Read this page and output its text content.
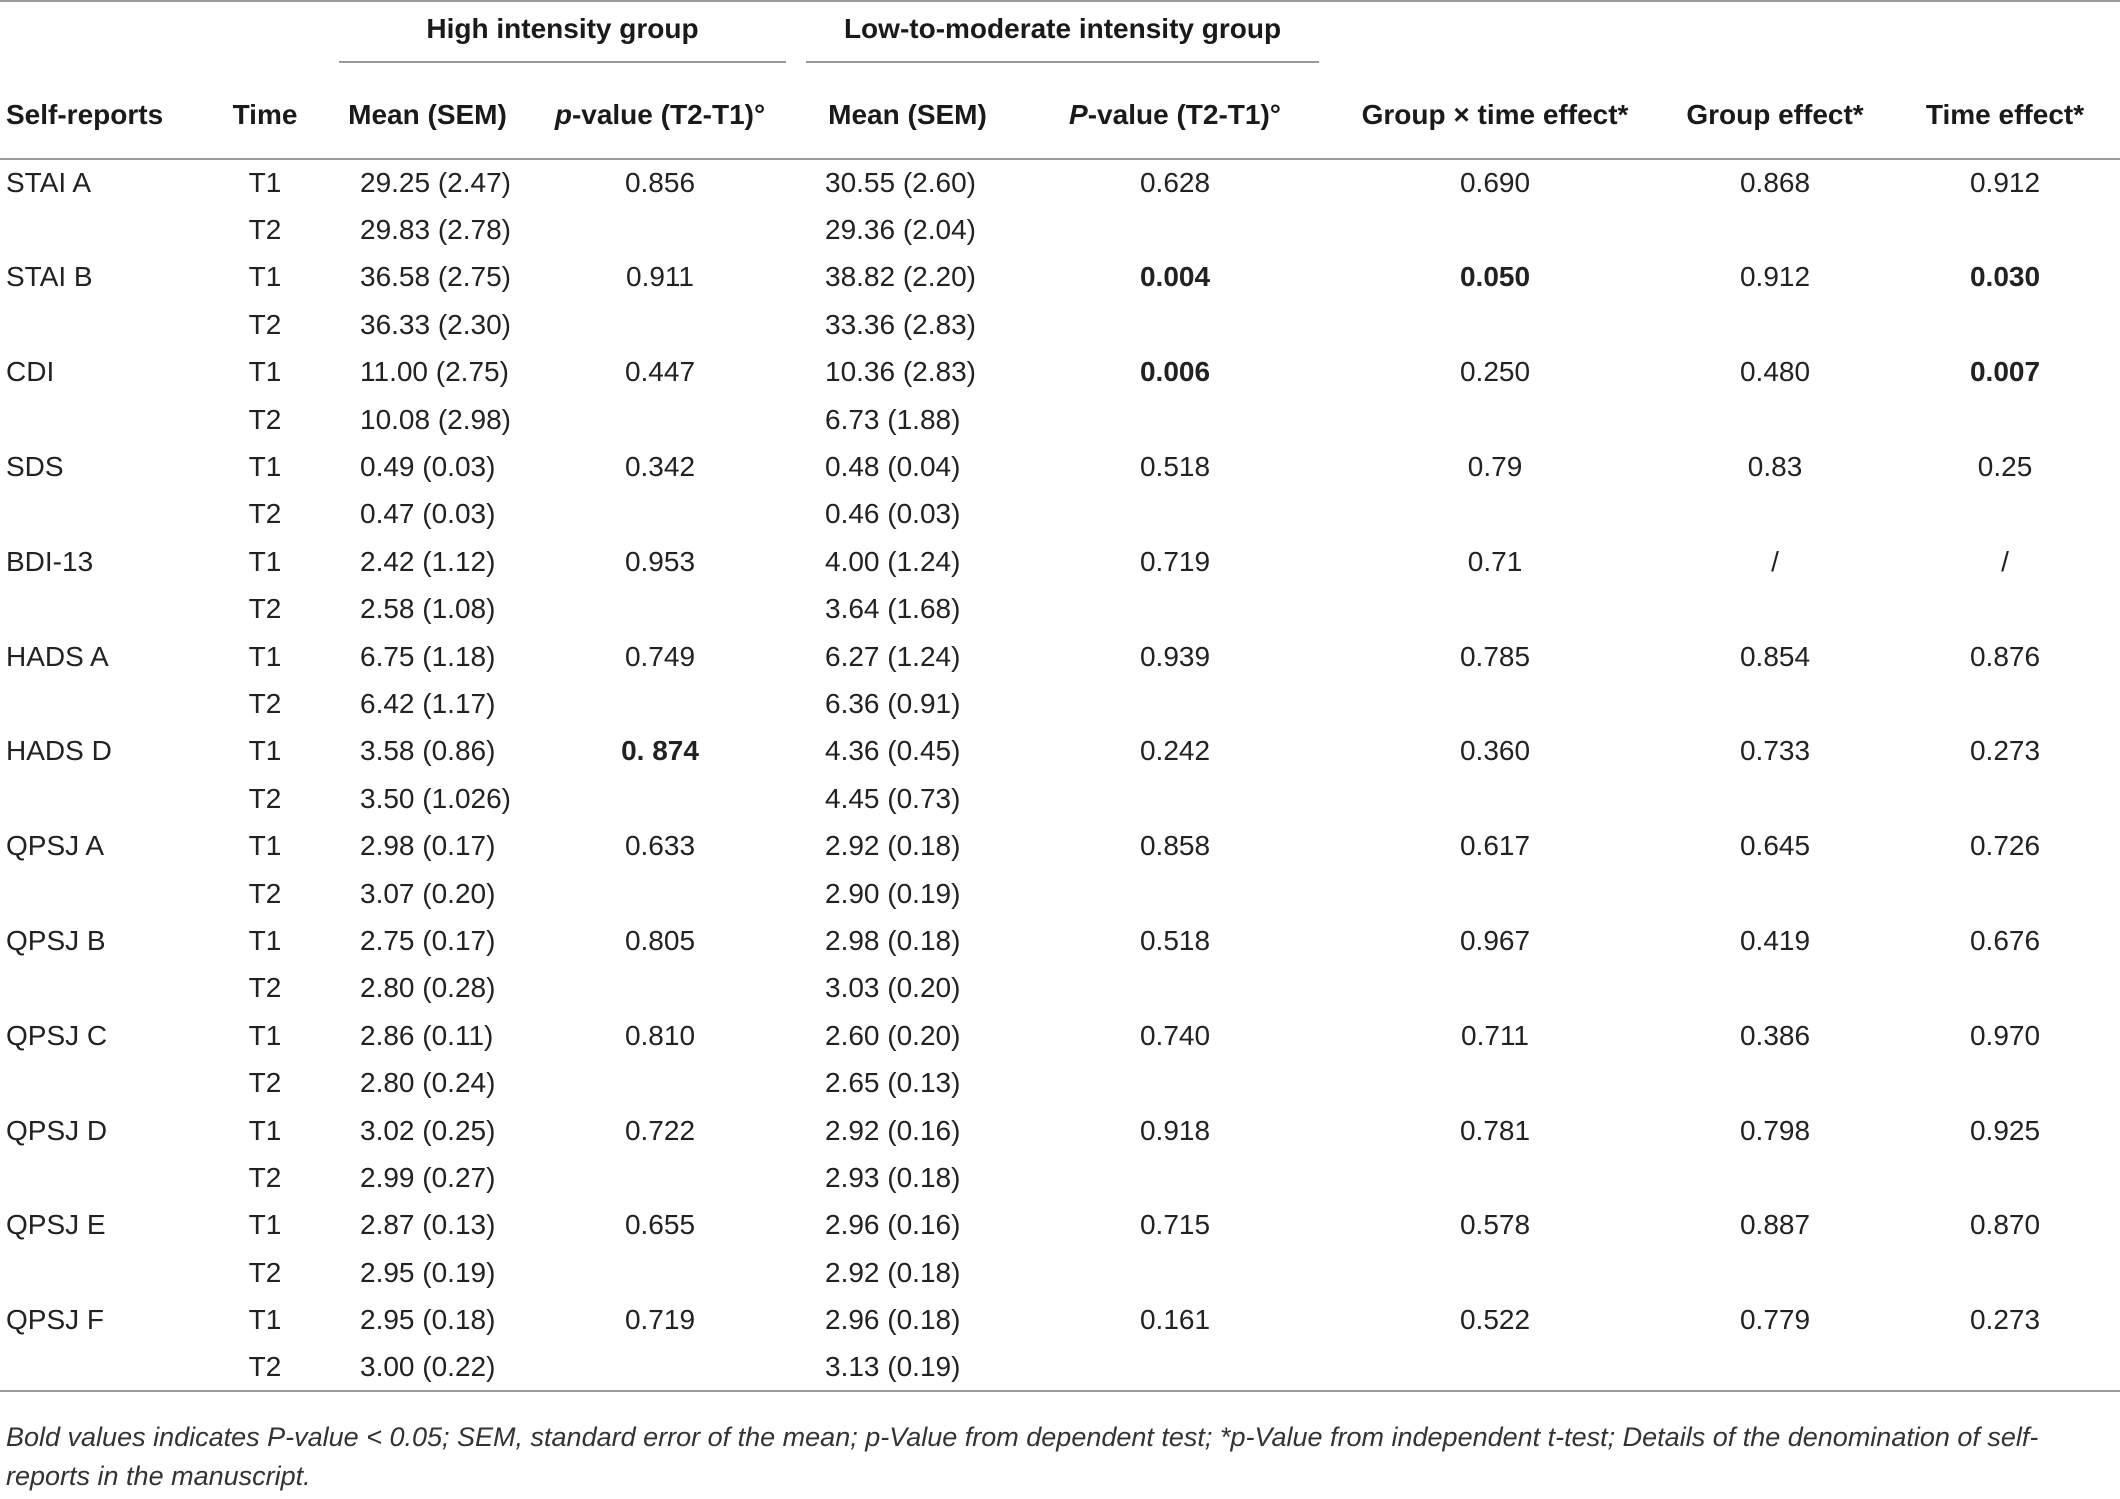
		High intensity group		Low-to-moderate intensity group	

Self-reports	Time	Mean (SEM)	p-value (T2-T1)°	Mean (SEM)	P-value (T2-T1)°	Group × time effect*	Group effect*	Time effect*
STAI A	T1	29.25 (2.47)	0.856	30.55 (2.60)	0.628	0.690	0.868	0.912
	T2	29.83 (2.78)		29.36 (2.04)				
STAI B	T1	36.58 (2.75)	0.911	38.82 (2.20)	0.004	0.050	0.912	0.030
	T2	36.33 (2.30)		33.36 (2.83)				
CDI	T1	11.00 (2.75)	0.447	10.36 (2.83)	0.006	0.250	0.480	0.007
	T2	10.08 (2.98)		6.73 (1.88)				
SDS	T1	0.49 (0.03)	0.342	0.48 (0.04)	0.518	0.79	0.83	0.25
	T2	0.47 (0.03)		0.46 (0.03)				
BDI-13	T1	2.42 (1.12)	0.953	4.00 (1.24)	0.719	0.71	/	/
	T2	2.58 (1.08)		3.64 (1.68)				
HADS A	T1	6.75 (1.18)	0.749	6.27 (1.24)	0.939	0.785	0.854	0.876
	T2	6.42 (1.17)		6.36 (0.91)				
HADS D	T1	3.58 (0.86)	0. 874	4.36 (0.45)	0.242	0.360	0.733	0.273
	T2	3.50 (1.026)		4.45 (0.73)				
QPSJ A	T1	2.98 (0.17)	0.633	2.92 (0.18)	0.858	0.617	0.645	0.726
	T2	3.07 (0.20)		2.90 (0.19)				
QPSJ B	T1	2.75 (0.17)	0.805	2.98 (0.18)	0.518	0.967	0.419	0.676
	T2	2.80 (0.28)		3.03 (0.20)				
QPSJ C	T1	2.86 (0.11)	0.810	2.60 (0.20)	0.740	0.711	0.386	0.970
	T2	2.80 (0.24)		2.65 (0.13)				
QPSJ D	T1	3.02 (0.25)	0.722	2.92 (0.16)	0.918	0.781	0.798	0.925
	T2	2.99 (0.27)		2.93 (0.18)				
QPSJ E	T1	2.87 (0.13)	0.655	2.96 (0.16)	0.715	0.578	0.887	0.870
	T2	2.95 (0.19)		2.92 (0.18)				
QPSJ F	T1	2.95 (0.18)	0.719	2.96 (0.18)	0.161	0.522	0.779	0.273
	T2	3.00 (0.22)		3.13 (0.19)				
Bold values indicates P-value < 0.05; SEM, standard error of the mean; p-Value from dependent test; *p-Value from independent t-test; Details of the denomination of self-reports in the manuscript.
